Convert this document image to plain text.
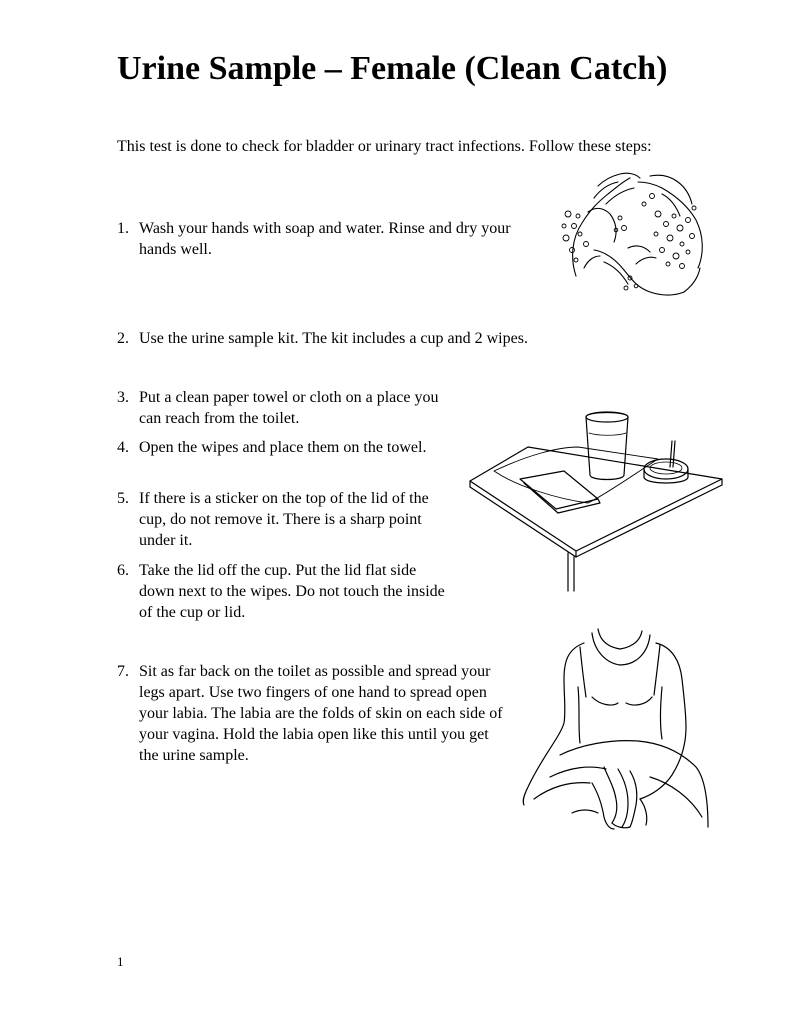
Urine Sample – Female (Clean Catch)

This test is done to check for bladder or urinary tract infections. Follow these steps:

1. Wash your hands with soap and water. Rinse and dry your hands well.
2. Use the urine sample kit. The kit includes a cup and 2 wipes.
3. Put a clean paper towel or cloth on a place you can reach from the toilet.
4. Open the wipes and place them on the towel.
5. If there is a sticker on the top of the lid of the cup, do not remove it. There is a sharp point under it.
6. Take the lid off the cup. Put the lid flat side down next to the wipes. Do not touch the inside of the cup or lid.
7. Sit as far back on the toilet as possible and spread your legs apart. Use two fingers of one hand to spread open your labia. The labia are the folds of skin on each side of your vagina. Hold the labia open like this until you get the urine sample.
1
